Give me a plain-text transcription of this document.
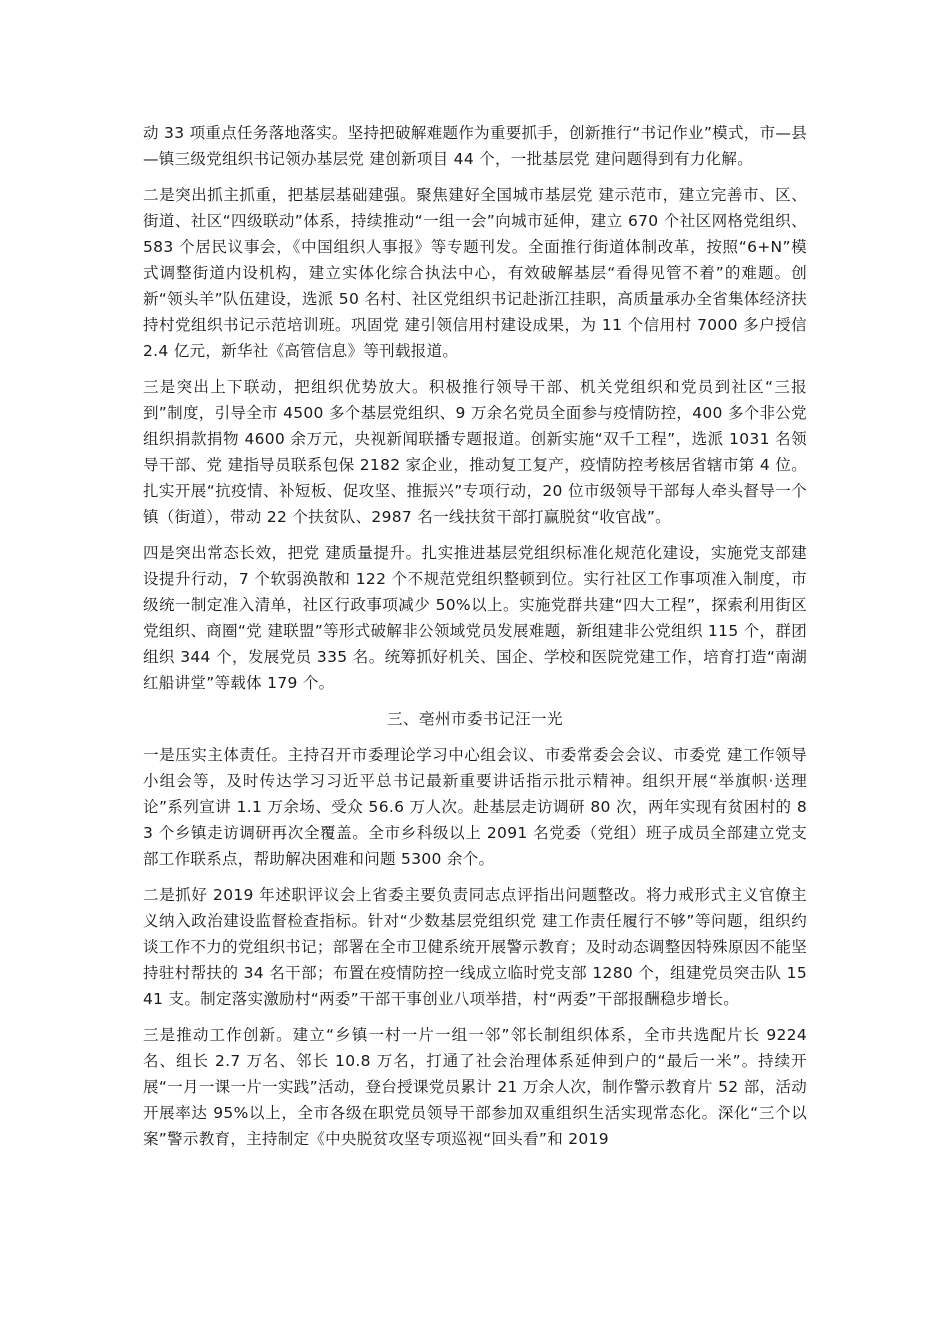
动 33 项重点任务落地落实。坚持把破解难题作为重要抓手，创新推行“书记作业”模式，市—县—镇三级党组织书记领办基层党 建创新项目 44 个，一批基层党 建问题得到有力化解。

二是突出抓主抓重，把基层基础建强。聚焦建好全国城市基层党 建示范市，建立完善市、区、街道、社区“四级联动”体系，持续推动“一组一会”向城市延伸，建立 670 个社区网格党组织、583 个居民议事会，《中国组织人事报》等专题刊发。全面推行街道体制改革，按照“6+N”模式调整街道内设机构，建立实体化综合执法中心，有效破解基层“看得见管不着”的难题。创新“领头羊”队伍建设，选派 50 名村、社区党组织书记赴浙江挂职，高质量承办全省集体经济扶持村党组织书记示范培训班。巩固党 建引领信用村建设成果，为 11 个信用村 7000 多户授信 2.4 亿元，新华社《高管信息》等刊载报道。

三是突出上下联动，把组织优势放大。积极推行领导干部、机关党组织和党员到社区“三报到”制度，引导全市 4500 多个基层党组织、9 万余名党员全面参与疫情防控，400 多个非公党组织捐款捐物 4600 余万元，央视新闻联播专题报道。创新实施“双千工程”，选派 1031 名领导干部、党 建指导员联系包保 2182 家企业，推动复工复产，疫情防控考核居省辖市第 4 位。扎实开展“抗疫情、补短板、促攻坚、推振兴”专项行动，20 位市级领导干部每人牵头督导一个镇（街道），带动 22 个扶贫队、2987 名一线扶贫干部打赢脱贫“收官战”。

四是突出常态长效，把党 建质量提升。扎实推进基层党组织标准化规范化建设，实施党支部建设提升行动，7 个软弱涣散和 122 个不规范党组织整顿到位。实行社区工作事项准入制度，市级统一制定准入清单，社区行政事项减少 50%以上。实施党群共建“四大工程”，探索利用街区党组织、商圈“党 建联盟”等形式破解非公领域党员发展难题，新组建非公党组织 115 个，群团组织 344 个，发展党员 335 名。统筹抓好机关、国企、学校和医院党建工作，培育打造“南湖红船讲堂”等载体 179 个。

三、亳州市委书记汪一光

一是压实主体责任。主持召开市委理论学习中心组会议、市委常委会会议、市委党 建工作领导小组会等，及时传达学习习近平总书记最新重要讲话指示批示精神。组织开展“举旗帜·送理论”系列宣讲 1.1 万余场、受众 56.6 万人次。赴基层走访调研 80 次，两年实现有贫困村的 83 个乡镇走访调研再次全覆盖。全市乡科级以上 2091 名党委（党组）班子成员全部建立党支部工作联系点，帮助解决困难和问题 5300 余个。

二是抓好 2019 年述职评议会上省委主要负责同志点评指出问题整改。将力戒形式主义官僚主义纳入政治建设监督检查指标。针对“少数基层党组织党 建工作责任履行不够”等问题，组织约谈工作不力的党组织书记；部署在全市卫健系统开展警示教育；及时动态调整因特殊原因不能坚持驻村帮扶的 34 名干部；布置在疫情防控一线成立临时党支部 1280 个，组建党员突击队 1541 支。制定落实激励村“两委”干部干事创业八项举措，村“两委”干部报酬稳步增长。

三是推动工作创新。建立“乡镇一村一片一组一邻”邻长制组织体系，全市共选配片长 9224 名、组长 2.7 万名、邻长 10.8 万名，打通了社会治理体系延伸到户的“最后一米”。持续开展“一月一课一片一实践”活动，登台授课党员累计 21 万余人次，制作警示教育片 52 部，活动开展率达 95%以上，全市各级在职党员领导干部参加双重组织生活实现常态化。深化“三个以案”警示教育，主持制定《中央脱贫攻坚专项巡视“回头看”和 2019
